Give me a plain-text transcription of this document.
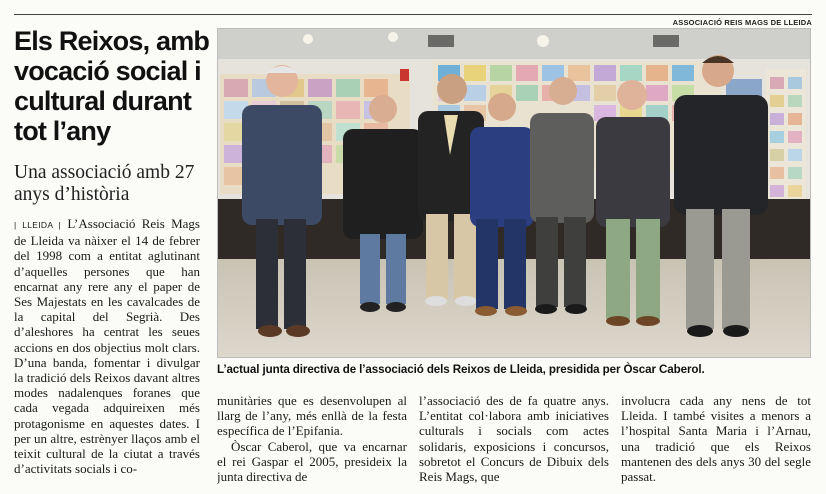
ASSOCIACIÓ REIS MAGS DE LLEIDA
Els Reixos, amb vocació social i cultural durant tot l’any
Una associació amb 27 anys d’història

| LLEIDA | L’Associació Reis Mags de Lleida va nàixer el 14 de febrer del 1998 com a entitat aglutinant d’aquelles persones que han encarnat any rere any el paper de Ses Majestats en les cavalcades de la capital del Segrià. Des d’aleshores ha centrat les seues accions en dos objectius molt clars. D’una banda, fomentar i divulgar la tradició dels Reixos davant altres modes nadalenques foranes que cada vegada adquireixen més protagonisme en aquestes dates. I per un altre, estrènyer llaços amb el teixit cultural de la ciutat a través d’activitats socials i co-

L’actual junta directiva de l’associació dels Reixos de Lleida, presidida per Òscar Caberol.

munitàries que es desenvolupen al llarg de l’any, més enllà de la festa específica de l’Epifania.

Òscar Caberol, que va encarnar el rei Gaspar el 2005, presideix la junta directiva de

l’associació des de fa quatre anys. L’entitat col·labora amb iniciatives culturals i socials com actes solidaris, exposicions i concursos, sobretot el Concurs de Dibuix dels Reis Mags, que

involucra cada any nens de tot Lleida. I també visites a menors a l’hospital Santa Maria i l’Arnau, una tradició que els Reixos mantenen des dels anys 30 del segle passat.
